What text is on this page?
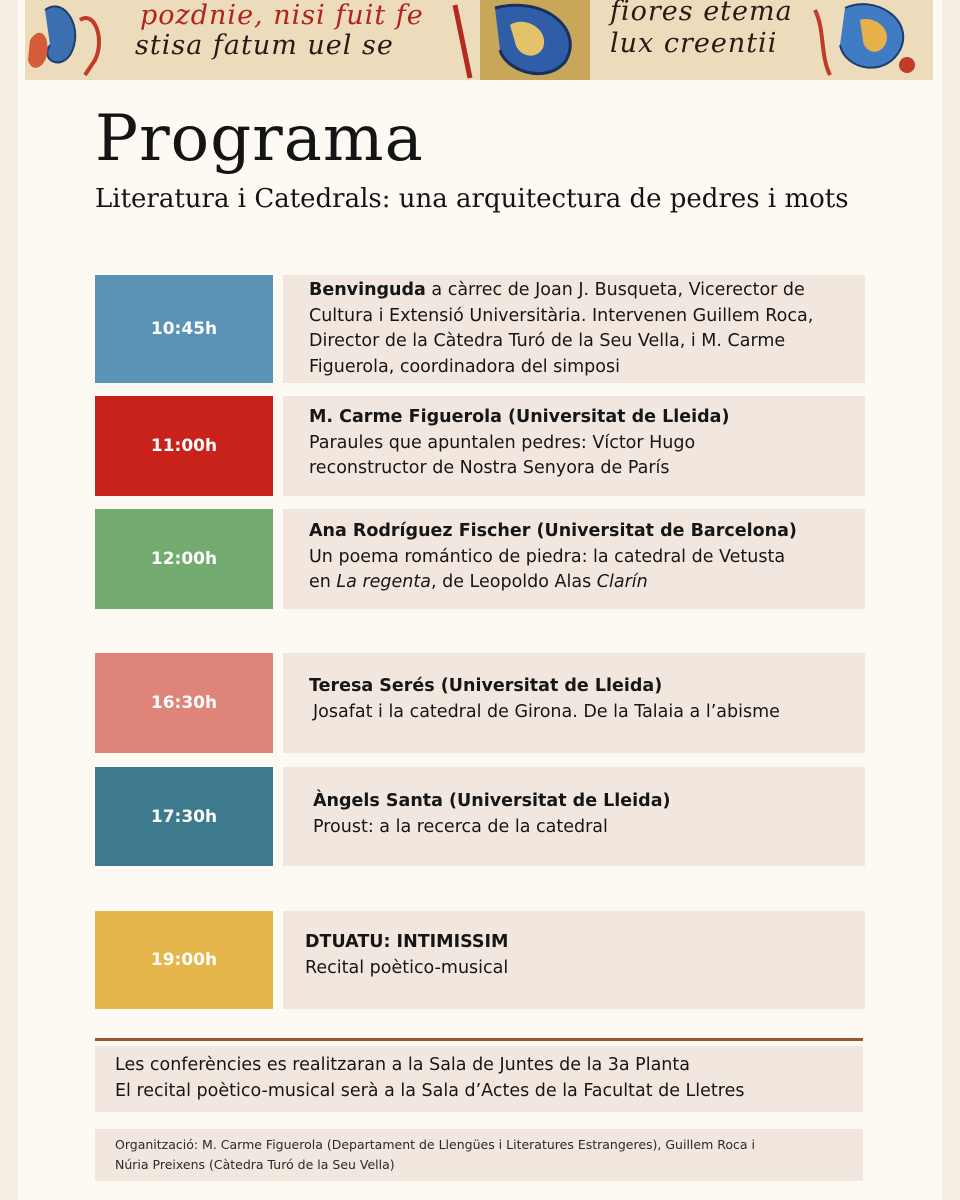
pozdnie, nisi fuit fe
stisa fatum uel se
fiores etema
lux creentii
Programa
Literatura i Catedrals: una arquitectura de pedres i mots
10:45h
Benvinguda a càrrec de Joan J. Busqueta, Vicerector de
Cultura i Extensió Universitària. Intervenen Guillem Roca,
Director de la Càtedra Turó de la Seu Vella, i M. Carme
Figuerola, coordinadora del simposi
11:00h
M. Carme Figuerola (Universitat de Lleida)
Paraules que apuntalen pedres: Víctor Hugo
reconstructor de Nostra Senyora de París
12:00h
Ana Rodríguez Fischer (Universitat de Barcelona)
Un poema romántico de piedra: la catedral de Vetusta
en La regenta, de Leopoldo Alas Clarín
16:30h
Teresa Serés (Universitat de Lleida)
Josafat i la catedral de Girona. De la Talaia a l’abisme
17:30h
Àngels Santa (Universitat de Lleida)
Proust: a la recerca de la catedral
19:00h
DTUATU: INTIMISSIM
Recital poètico-musical
Les conferències es realitzaran a la Sala de Juntes de la 3a Planta
El recital poètico-musical serà a la Sala d’Actes de la Facultat de Lletres
Organització: M. Carme Figuerola (Departament de Llengües i Literatures Estrangeres), Guillem Roca i
Núria Preixens (Càtedra Turó de la Seu Vella)
